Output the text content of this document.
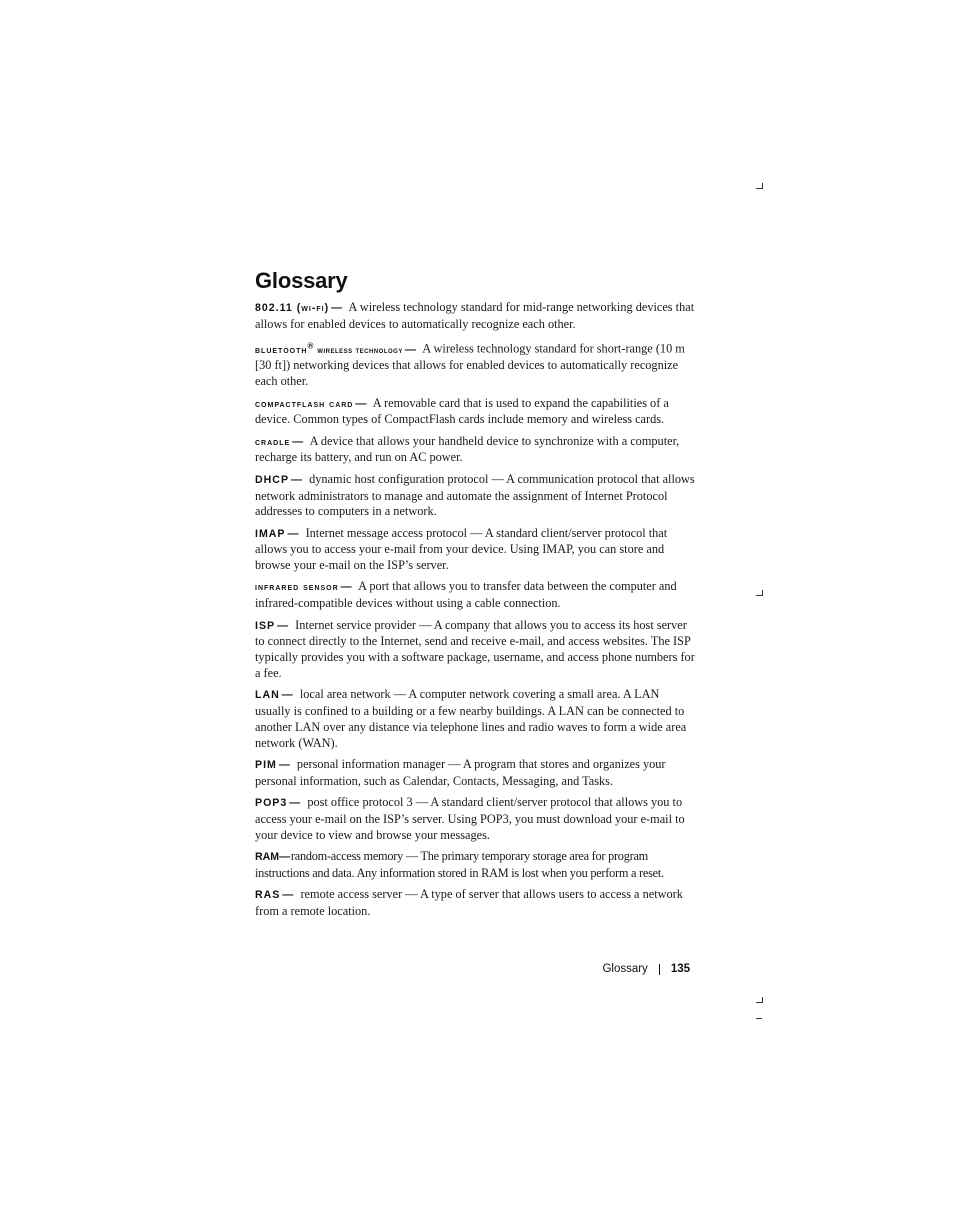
Glossary

802.11 (wi-fi) — A wireless technology standard for mid-range networking devices that allows for enabled devices to automatically recognize each other.

bluetooth® wireless technology — A wireless technology standard for short-range (10 m [30 ft]) networking devices that allows for enabled devices to automatically recognize each other.

compactflash card — A removable card that is used to expand the capabilities of a device. Common types of CompactFlash cards include memory and wireless cards.

cradle — A device that allows your handheld device to synchronize with a computer, recharge its battery, and run on AC power.

DHCP — dynamic host configuration protocol — A communication protocol that allows network administrators to manage and automate the assignment of Internet Protocol addresses to computers in a network.

IMAP — Internet message access protocol — A standard client/server protocol that allows you to access your e-mail from your device. Using IMAP, you can store and browse your e-mail on the ISP’s server.

infrared sensor — A port that allows you to transfer data between the computer and infrared-compatible devices without using a cable connection.

ISP — Internet service provider — A company that allows you to access its host server to connect directly to the Internet, send and receive e-mail, and access websites. The ISP typically provides you with a software package, username, and access phone numbers for a fee.

LAN — local area network — A computer network covering a small area. A LAN usually is confined to a building or a few nearby buildings. A LAN can be connected to another LAN over any distance via telephone lines and radio waves to form a wide area network (WAN).

PIM — personal information manager — A program that stores and organizes your personal information, such as Calendar, Contacts, Messaging, and Tasks.

POP3 — post office protocol 3 — A standard client/server protocol that allows you to access your e-mail on the ISP’s server. Using POP3, you must download your e-mail to your device to view and browse your messages.

RAM—random-access memory — The primary temporary storage area for program instructions and data. Any information stored in RAM is lost when you perform a reset.

RAS — remote access server — A type of server that allows users to access a network from a remote location.

Glossary 135
